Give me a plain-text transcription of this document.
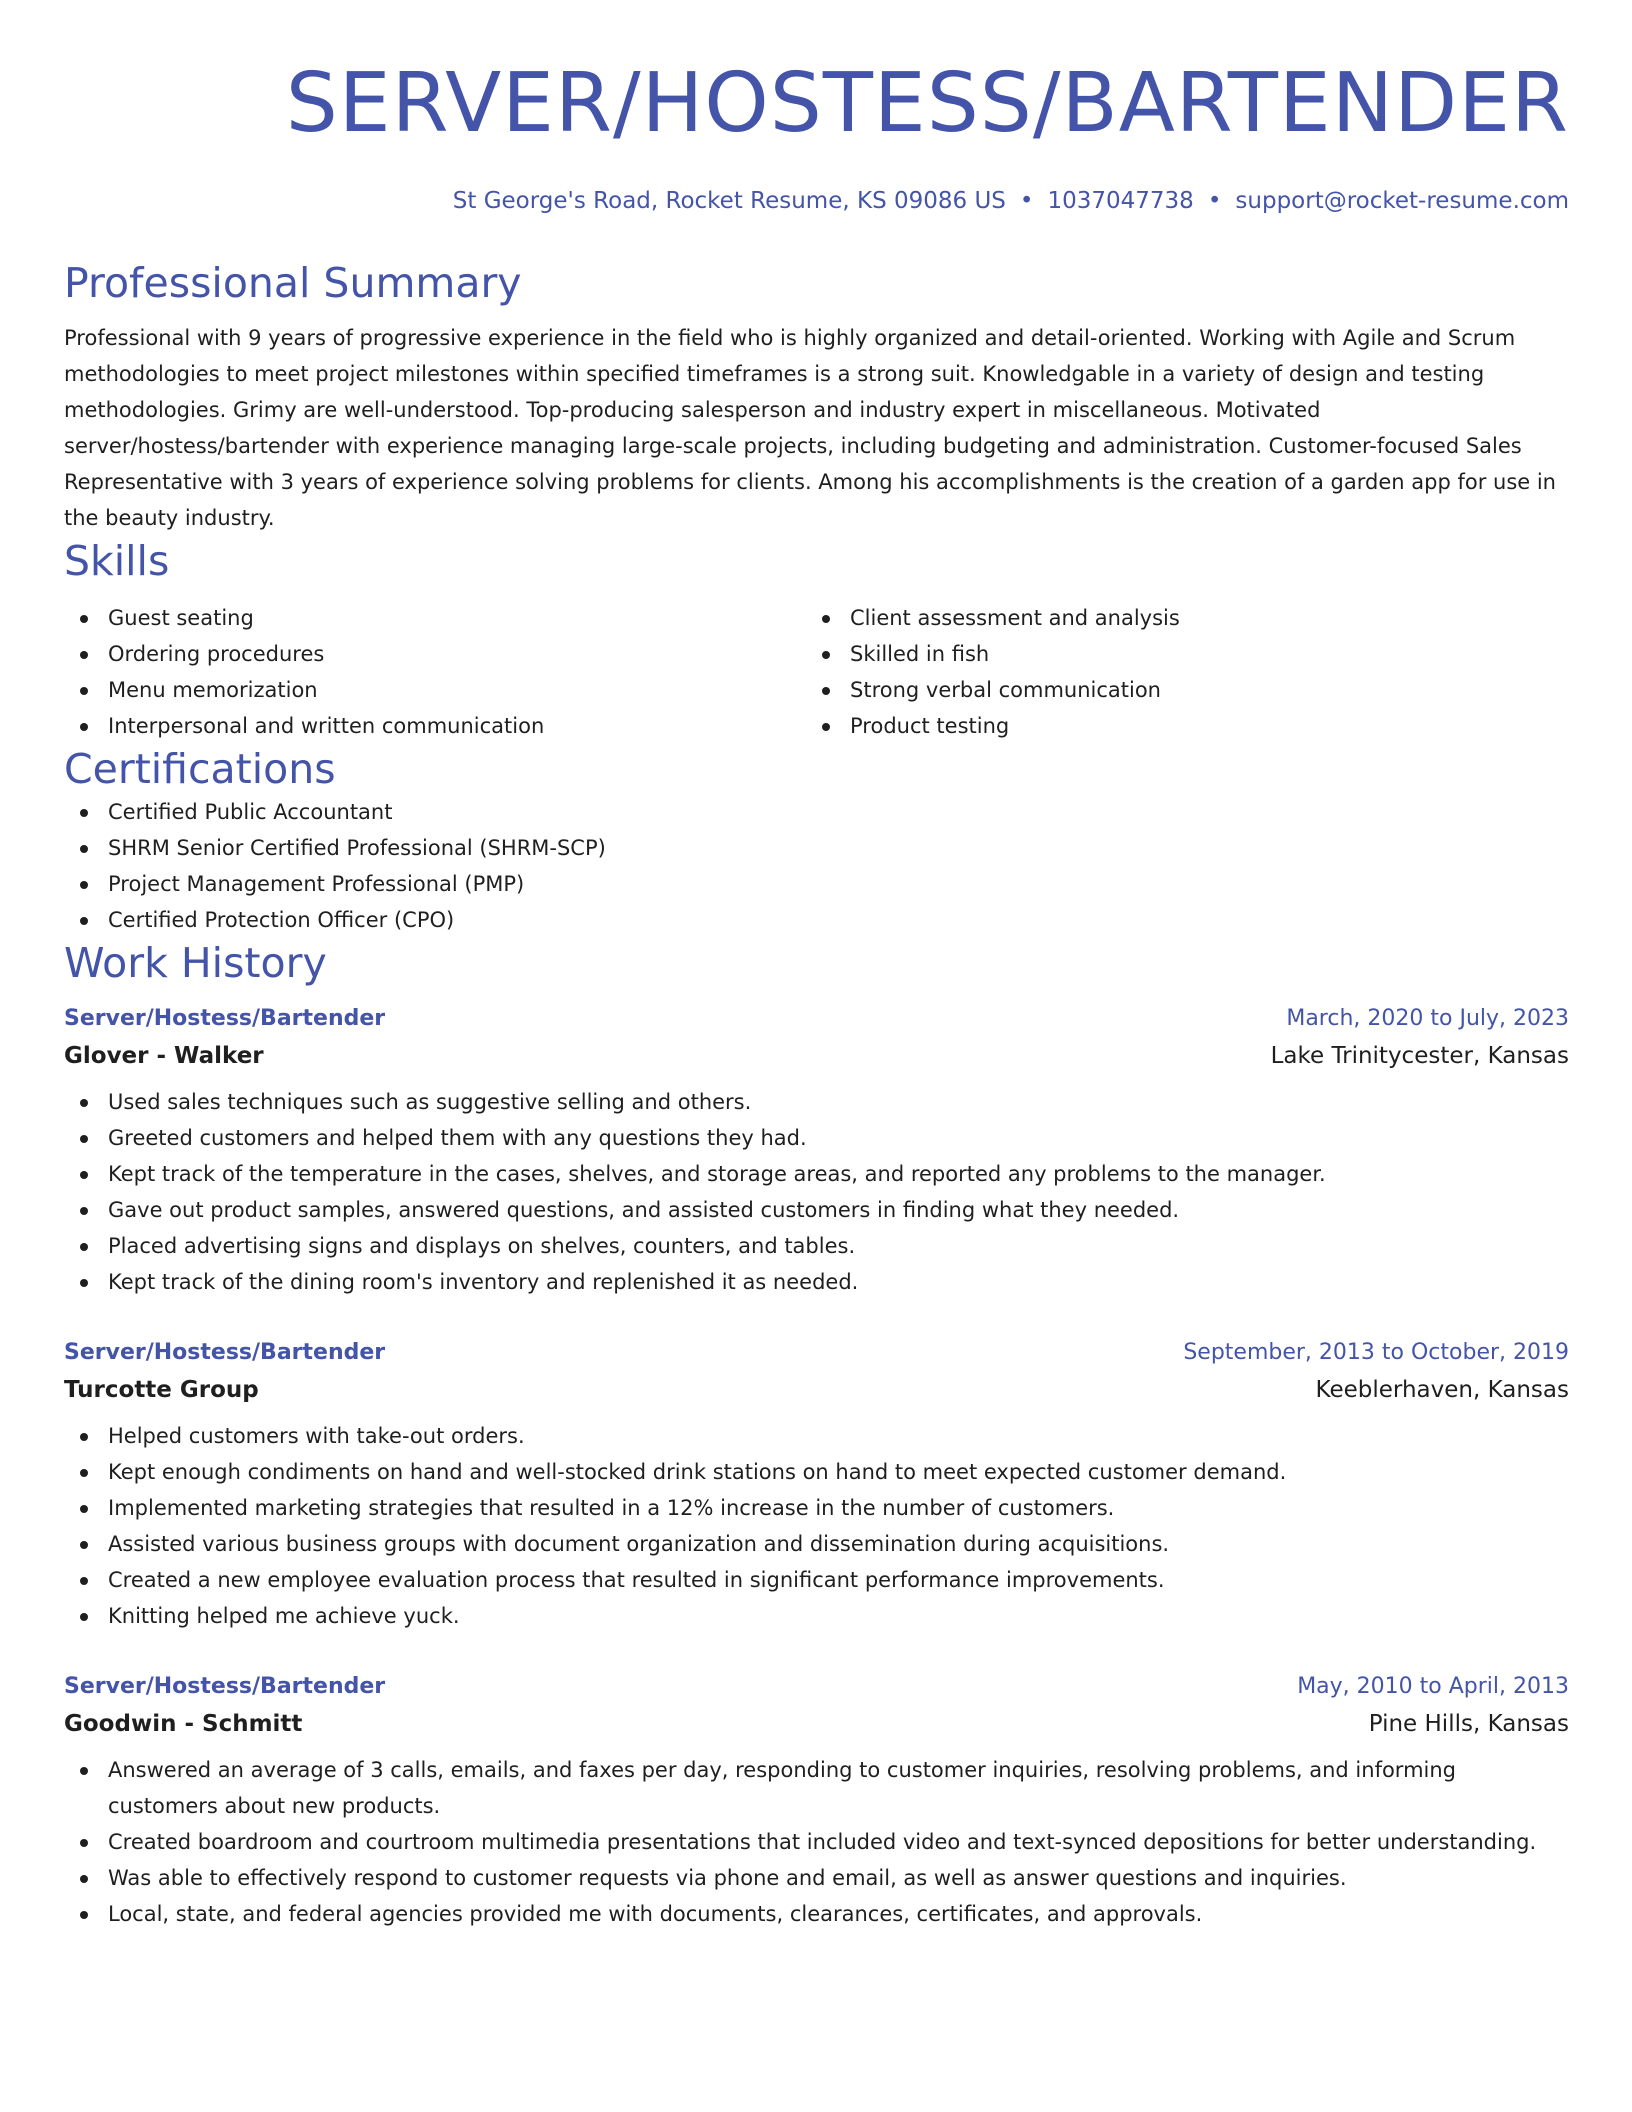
SERVER/HOSTESS/BARTENDER
St George's Road, Rocket Resume, KS 09086 US • 1037047738 • support@rocket-resume.com
Professional Summary

Professional with 9 years of progressive experience in the field who is highly organized and detail-oriented. Working with Agile and Scrum methodologies to meet project milestones within specified timeframes is a strong suit. Knowledgable in a variety of design and testing methodologies. Grimy are well-understood. Top-producing salesperson and industry expert in miscellaneous. Motivated server/hostess/bartender with experience managing large-scale projects, including budgeting and administration. Customer-focused Sales Representative with 3 years of experience solving problems for clients. Among his accomplishments is the creation of a garden app for use in the beauty industry.

Skills
Guest seating
Ordering procedures
Menu memorization
Interpersonal and written communication
Client assessment and analysis
Skilled in fish
Strong verbal communication
Product testing
Certifications
Certified Public Accountant
SHRM Senior Certified Professional (SHRM-SCP)
Project Management Professional (PMP)
Certified Protection Officer (CPO)
Work History
Server/Hostess/Bartender	March, 2020 to July, 2023
Glover - Walker	Lake Trinitycester, Kansas
Used sales techniques such as suggestive selling and others.
Greeted customers and helped them with any questions they had.
Kept track of the temperature in the cases, shelves, and storage areas, and reported any problems to the manager.
Gave out product samples, answered questions, and assisted customers in finding what they needed.
Placed advertising signs and displays on shelves, counters, and tables.
Kept track of the dining room's inventory and replenished it as needed.
Server/Hostess/Bartender	September, 2013 to October, 2019
Turcotte Group	Keeblerhaven, Kansas
Helped customers with take-out orders.
Kept enough condiments on hand and well-stocked drink stations on hand to meet expected customer demand.
Implemented marketing strategies that resulted in a 12% increase in the number of customers.
Assisted various business groups with document organization and dissemination during acquisitions.
Created a new employee evaluation process that resulted in significant performance improvements.
Knitting helped me achieve yuck.
Server/Hostess/Bartender	May, 2010 to April, 2013
Goodwin - Schmitt	Pine Hills, Kansas
Answered an average of 3 calls, emails, and faxes per day, responding to customer inquiries, resolving problems, and informing customers about new products.
Created boardroom and courtroom multimedia presentations that included video and text-synced depositions for better understanding.
Was able to effectively respond to customer requests via phone and email, as well as answer questions and inquiries.
Local, state, and federal agencies provided me with documents, clearances, certificates, and approvals.
